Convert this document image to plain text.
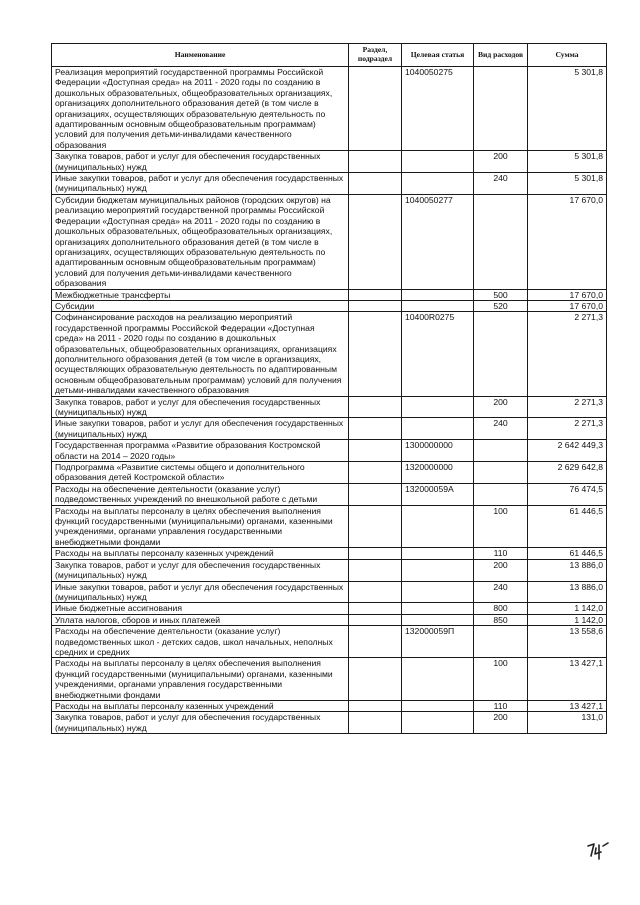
Наименование	Раздел, подраздел	Целевая статья	Вид расходов	Сумма
Реализация мероприятий государственной программы Российской Федерации «Доступная среда» на 2011 - 2020 годы по созданию в дошкольных образовательных, общеобразовательных организациях, организациях дополнительного образования детей (в том числе в организациях, осуществляющих образовательную деятельность по адаптированным основным общеобразовательным программам) условий для получения детьми-инвалидами качественного образования		1040050275		5 301,8
Закупка товаров, работ и услуг для обеспечения государственных (муниципальных) нужд			200	5 301,8
Иные закупки товаров, работ и услуг для обеспечения государственных (муниципальных) нужд			240	5 301,8
Субсидии бюджетам муниципальных районов (городских округов) на реализацию мероприятий государственной программы Российской Федерации «Доступная среда» на 2011 - 2020 годы по созданию в дошкольных образовательных, общеобразовательных организациях, организациях дополнительного образования детей (в том числе в организациях, осуществляющих образовательную деятельность по адаптированным основным общеобразовательным программам) условий для получения детьми-инвалидами качественного образования		1040050277		17 670,0
Межбюджетные трансферты			500	17 670,0
Субсидии			520	17 670,0
Софинансирование расходов на реализацию мероприятий государственной программы Российской Федерации «Доступная среда» на 2011 - 2020 годы по созданию в дошкольных образовательных, общеобразовательных организациях, организациях дополнительного образования детей (в том числе в организациях, осуществляющих образовательную деятельность по адаптированным основным общеобразовательным программам) условий для получения детьми-инвалидами качественного образования		10400R0275		2 271,3
Закупка товаров, работ и услуг для обеспечения государственных (муниципальных) нужд			200	2 271,3
Иные закупки товаров, работ и услуг для обеспечения государственных (муниципальных) нужд			240	2 271,3
Государственная программа «Развитие образования Костромской области на 2014 – 2020 годы»		1300000000		2 642 449,3
Подпрограмма «Развитие системы общего и дополнительного образования детей Костромской области»		1320000000		2 629 642,8
Расходы на обеспечение деятельности (оказание услуг) подведомственных учреждений по внешкольной работе с детьми		132000059А		76 474,5
Расходы на выплаты персоналу в целях обеспечения выполнения функций государственными (муниципальными) органами, казенными учреждениями, органами управления государственными внебюджетными фондами			100	61 446,5
Расходы на выплаты персоналу казенных учреждений			110	61 446,5
Закупка товаров, работ и услуг для обеспечения государственных (муниципальных) нужд			200	13 886,0
Иные закупки товаров, работ и услуг для обеспечения государственных (муниципальных) нужд			240	13 886,0
Иные бюджетные ассигнования			800	1 142,0
Уплата налогов, сборов и иных платежей			850	1 142,0
Расходы на обеспечение деятельности (оказание услуг) подведомственных школ - детских садов, школ начальных, неполных средних и средних		132000059П		13 558,6
Расходы на выплаты персоналу в целях обеспечения выполнения функций государственными (муниципальными) органами, казенными учреждениями, органами управления государственными внебюджетными фондами			100	13 427,1
Расходы на выплаты персоналу казенных учреждений			110	13 427,1
Закупка товаров, работ и услуг для обеспечения государственных (муниципальных) нужд			200	131,0
